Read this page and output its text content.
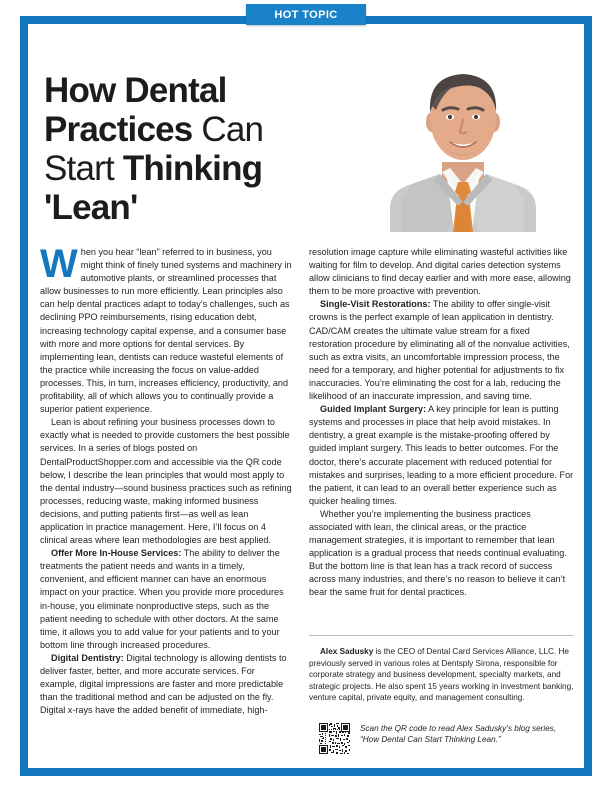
HOT TOPIC
How Dental
Practices Can
Start Thinking
'Lean'

When you hear “lean” referred to in business, you might think of finely tuned systems and machinery in automotive plants, or streamlined processes that allow businesses to run more efficiently. Lean principles also can help dental practices adapt to today’s challenges, such as declining PPO reimbursements, rising education debt, increasing technology capital expense, and a consumer base with more and more options for dental services. By implementing lean, dentists can reduce wasteful elements of the practice while increasing the focus on value-added processes. This, in turn, increases efficiency, productivity, and profitability, all of which allows you to continually provide a superior patient experience.

Lean is about refining your business processes down to exactly what is needed to provide customers the best possible services. In a series of blogs posted on DentalProductShopper.com and accessible via the QR code below, I describe the lean principles that would most apply to the dental industry—sound business practices such as refining processes, reducing waste, making informed business decisions, and putting patients first—as well as lean application in practice management. Here, I’ll focus on 4 clinical areas where lean methodologies are best applied.

Offer More In-House Services: The ability to deliver the treatments the patient needs and wants in a timely, convenient, and efficient manner can have an enormous impact on your practice. When you provide more procedures in-house, you eliminate nonproductive steps, such as the patient needing to schedule with other doctors. At the same time, it allows you to add value for your patients and to your bottom line through increased procedures.

Digital Dentistry: Digital technology is allowing dentists to deliver faster, better, and more accurate services. For example, digital impressions are faster and more predictable than the traditional method and can be adjusted on the fly. Digital x-rays have the added benefit of immediate, high-

resolution image capture while eliminating wasteful activities like waiting for film to develop. And digital caries detection systems allow clinicians to find decay earlier and with more ease, allowing them to be more proactive with prevention.

Single-Visit Restorations: The ability to offer single-visit crowns is the perfect example of lean application in dentistry. CAD/CAM creates the ultimate value stream for a fixed restoration procedure by eliminating all of the nonvalue activities, such as extra visits, an uncomfortable impression process, the need for a temporary, and higher potential for adjustments to fix inaccuracies. You’re eliminating the cost for a lab, reducing the likelihood of an inaccurate impression, and saving time.

Guided Implant Surgery: A key principle for lean is putting systems and processes in place that help avoid mistakes. In dentistry, a great example is the mistake-proofing offered by guided implant surgery. This leads to better outcomes. For the doctor, there’s accurate placement with reduced potential for mistakes and surprises, leading to a more efficient procedure. For the patient, it can lead to an overall better experience such as quicker healing times.

Whether you’re implementing the business practices associated with lean, the clinical areas, or the practice management strategies, it is important to remember that lean application is a gradual process that needs continual evaluating. But the bottom line is that lean has a track record of success across many industries, and there’s no reason to believe it can’t bear the same fruit for dental practices.

Alex Sadusky is the CEO of Dental Card Services Alliance, LLC. He previously served in various roles at Dentsply Sirona, responsible for corporate strategy and business development, specialty markets, and strategic projects. He also spent 15 years working in investment banking, venture capital, private equity, and management consulting.

Scan the QR code to read Alex Sadusky’s blog series,
“How Dental Can Start Thinking Lean.”
